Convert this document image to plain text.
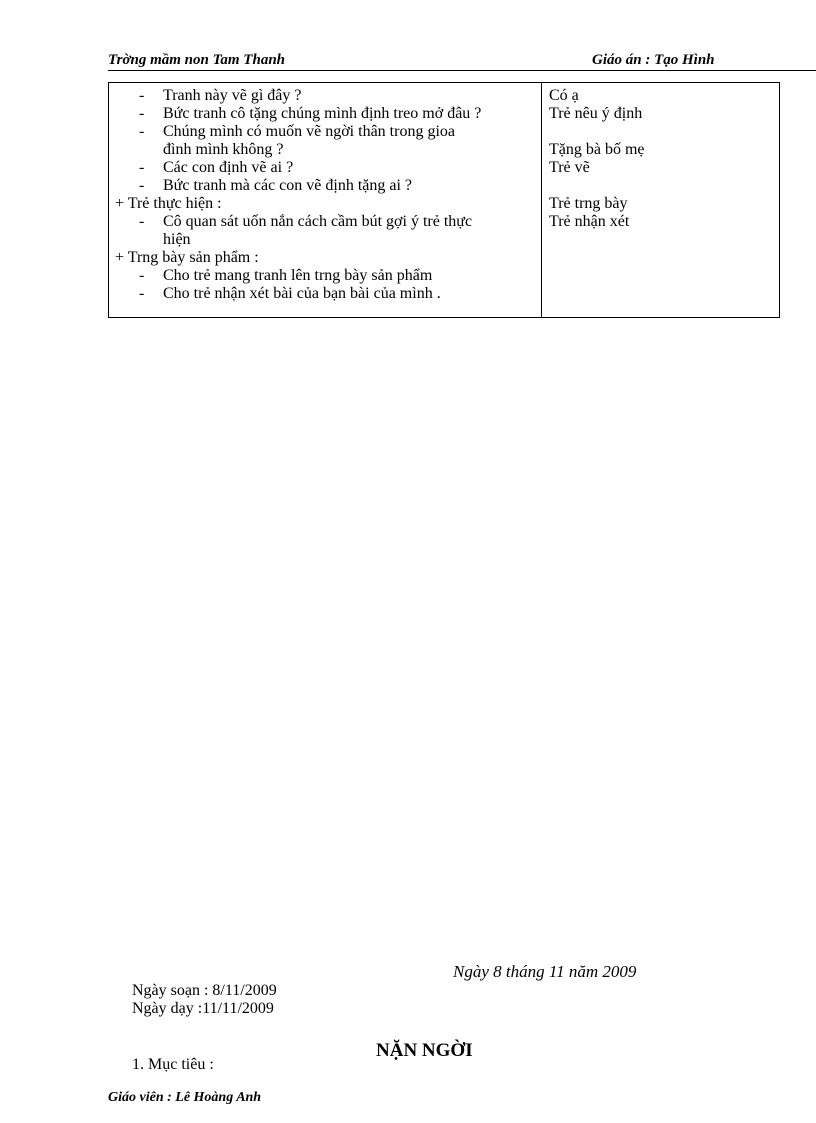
Trờng mầm non Tam Thanh	Giáo án : Tạo Hình
- Tranh này vẽ gì đây ?
- Bức tranh cô tặng chúng mình định treo mở đâu ?
- Chúng mình có muốn vẽ ngời thân trong gioa
đình mình không ?
- Các con định vẽ ai ?
- Bức tranh mà các con vẽ định tặng ai ?
+ Trẻ thực hiện :
- Cô quan sát uốn nắn cách cầm bút gợi ý trẻ thực
hiện
+ Trng bày sản phẩm :
- Cho trẻ mang tranh lên trng bày sản phẩm
- Cho trẻ nhận xét bài của bạn bài của mình .
Có ạ
Trẻ nêu ý định
Tặng bà bố mẹ
Trẻ vẽ
Trẻ trng bày
Trẻ nhận xét
Ngày 8 tháng 11 năm 2009
Ngày soạn : 8/11/2009
Ngày dạy :11/11/2009
NẶN NGỜI
1. Mục tiêu :
Giáo viên : Lê Hoàng Anh
